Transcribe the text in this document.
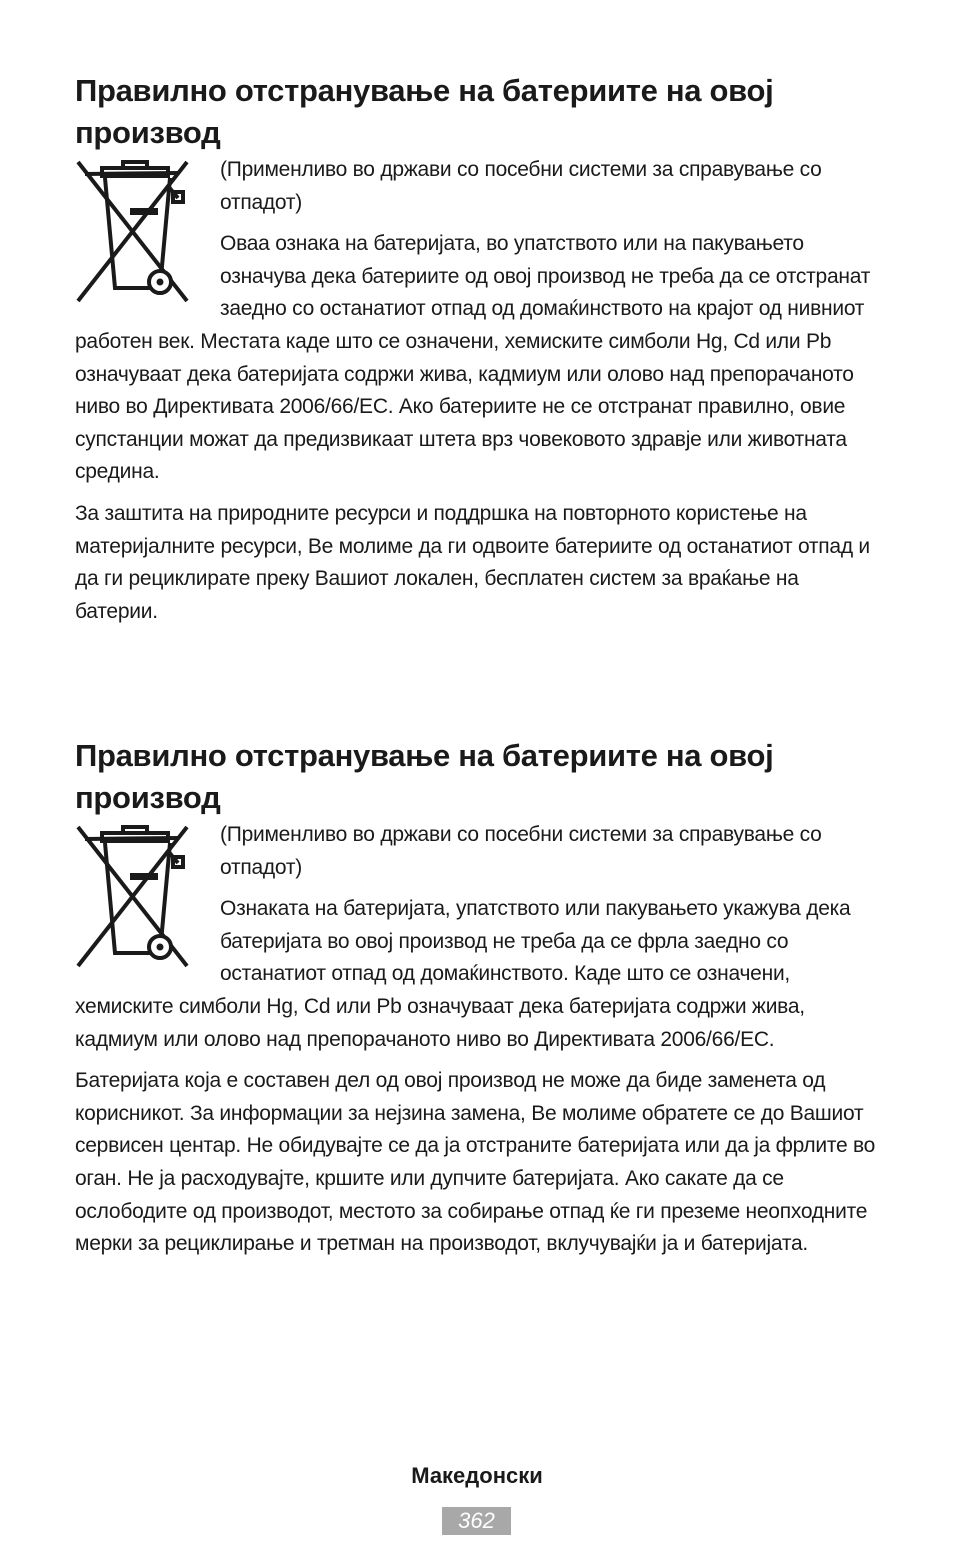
Правилно отстранување на батериите на овој производ

(Применливо во држави со посебни системи за справување со отпадот)

Оваа ознака на батеријата, во упатството или на пакувањето означува дека батериите од овој производ не треба да се отстранат заедно со останатиот отпад од домаќинството на крајот од нивниот работен век. Местата каде што се означени, хемиските симболи Hg, Cd или Pb означуваат дека батеријата содржи жива, кадмиум или олово над препорачаното ниво во Директивата 2006/66/EC. Ако батериите не се отстранат правилно, овие супстанции можат да предизвикаат штета врз човековото здравје или животната средина.

За заштита на природните ресурси и поддршка на повторното користење на материјалните ресурси, Ве молиме да ги одвоите батериите од останатиот отпад и да ги рециклирате преку Вашиот локален, бесплатен систем за враќање на батерии.

Правилно отстранување на батериите на овој производ

(Применливо во држави со посебни системи за справување со отпадот)

Ознаката на батеријата, упатството или пакувањето укажува дека батеријата во овој производ не треба да се фрла заедно со останатиот отпад од домаќинството. Каде што се означени, хемиските симболи Hg, Cd или Pb означуваат дека батеријата содржи жива, кадмиум или олово над препорачаното ниво во Директивата 2006/66/EC.

Батеријата која е составен дел од овој производ не може да биде заменета од корисникот. За информации за нејзина замена, Ве молиме обратете се до Вашиот сервисен центар. Не обидувајте се да ја отстраните батеријата или да ја фрлите во оган. Не ја расходувајте, кршите или дупчите батеријата. Ако сакате да се ослободите од производот, местото за собирање отпад ќе ги преземе неопходните мерки за рециклирање и третман на производот, вклучувајќи ја и батеријата.

Македонски
362
